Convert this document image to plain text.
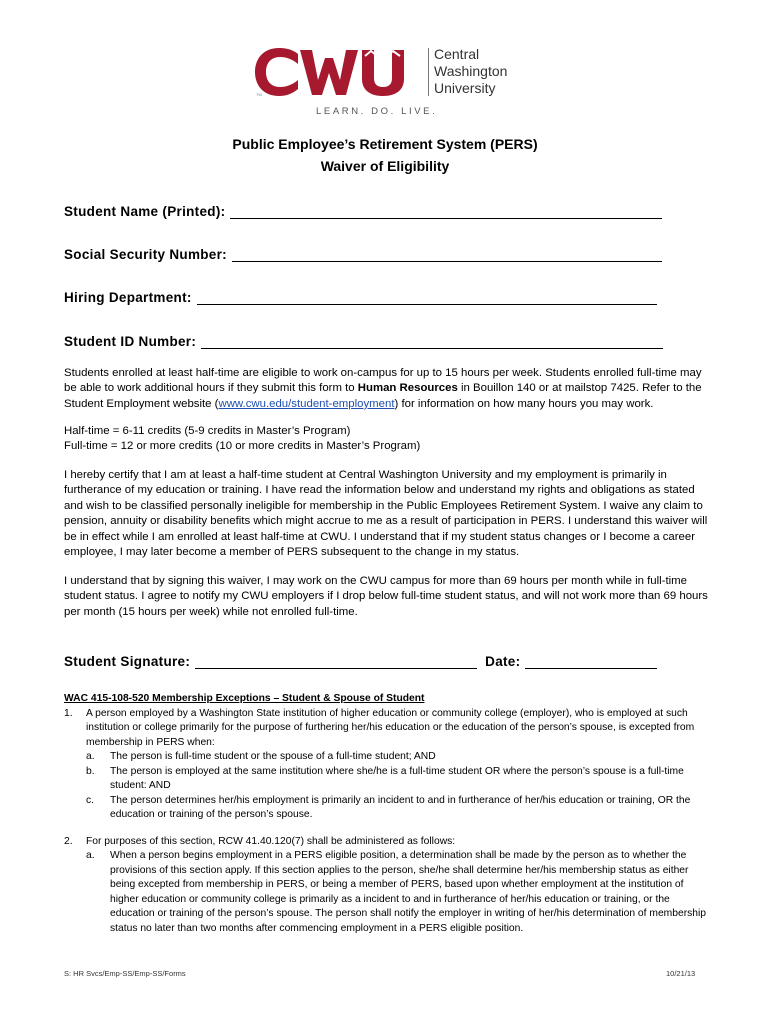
TM
Central
Washington
University
LEARN. DO. LIVE.
Public Employee’s Retirement System (PERS)
Waiver of Eligibility
Student Name (Printed):
Social Security Number:
Hiring Department:
Student ID Number:

Students enrolled at least half-time are eligible to work on-campus for up to 15 hours per week. Students enrolled full-time may be able to work additional hours if they submit this form to Human Resources in Bouillon 140 or at mailstop 7425. Refer to the Student Employment website (www.cwu.edu/student-employment) for information on how many hours you may work.

Half-time = 6-11 credits (5-9 credits in Master’s Program)

Full-time = 12 or more credits (10 or more credits in Master’s Program)

I hereby certify that I am at least a half-time student at Central Washington University and my employment is primarily in furtherance of my education or training. I have read the information below and understand my rights and obligations as stated and wish to be classified personally ineligible for membership in the Public Employees Retirement System. I waive any claim to pension, annuity or disability benefits which might accrue to me as a result of participation in PERS. I understand this waiver will be in effect while I am enrolled at least half-time at CWU. I understand that if my student status changes or I become a career employee, I may later become a member of PERS subsequent to the change in my status.

I understand that by signing this waiver, I may work on the CWU campus for more than 69 hours per month while in full-time student status. I agree to notify my CWU employers if I drop below full-time student status, and will not work more than 69 hours per month (15 hours per week) while not enrolled full-time.

Student Signature:	Date:
WAC 415-108-520 Membership Exceptions – Student & Spouse of Student
1. A person employed by a Washington State institution of higher education or community college (employer), who is employed at such institution or college primarily for the purpose of furthering her/his education or the education of the person’s spouse, is excepted from membership in PERS when:
a. The person is full-time student or the spouse of a full-time student; AND
b. The person is employed at the same institution where she/he is a full-time student OR where the person’s spouse is a full-time student: AND
c. The person determines her/his employment is primarily an incident to and in furtherance of her/his education or training, OR the education or training of the person’s spouse.
2. For purposes of this section, RCW 41.40.120(7) shall be administered as follows:
a. When a person begins employment in a PERS eligible position, a determination shall be made by the person as to whether the provisions of this section apply. If this section applies to the person, she/he shall determine her/his membership status as either being excepted from membership in PERS, or being a member of PERS, based upon whether employment at the institution of higher education or community college is primarily as a incident to and in furtherance of her/his education or training, or the education or training of the person’s spouse. The person shall notify the employer in writing of her/his determination of membership status no later than two months after commencing employment in a PERS eligible position.
S: HR Svcs/Emp-SS/Emp-SS/Forms	10/21/13
